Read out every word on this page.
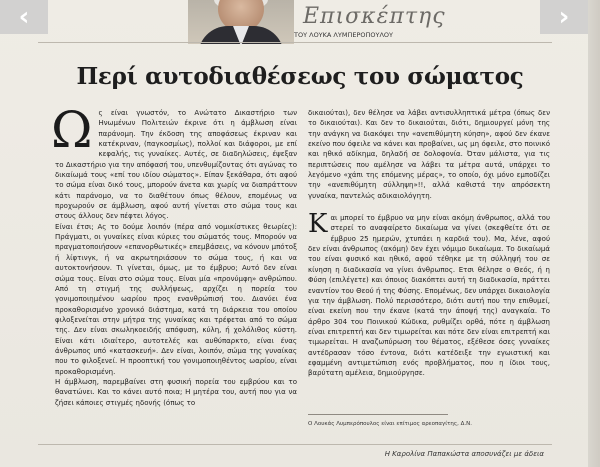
Επισκέπτης
ΤΟΥ ΛΟΥΚΑ ΛΥΜΠΕΡΟΠΟΥΛΟΥ
Περί αυτοδιαθέσεως του σώματος
Ω ς είναι γνωστόν, το Ανώτατο Δικαστήριο των Ηνωμένων Πολιτειών έκρινε ότι η άμβλωση είναι παράνομη. Την έκδοση της αποφάσεως έκριναν και κατέκριναν, (παγκοσμίως), πολλοί και διάφοροι, με επί κεφαλής, τις γυναίκες. Αυτές, σε διαδηλώσεις, έψεξαν το Δικαστήριο για την απόφασή του, υπενθυμίζοντας ότι αγώνας το δικαίωμά τους «επί του ιδίου σώματος». Είπαν ξεκάθαρα, ότι αφού το σώμα είναι δικό τους, μπορούν άνετα και χωρίς να διαπράττουν κάτι παράνομο, να το διαθέτουν όπως θέλουν, επομένως να προχωρούν σε άμβλωση, αφού αυτή γίνεται στο σώμα τους και στους άλλους δεν πέφτει λόγος.

Είναι έτσι; Ας το δούμε λοιπόν (πέρα από νομικίστικες θεωρίες): Πράγματι, οι γυναίκες είναι κύριες του σώματός τους. Μπορούν να πραγματοποιήσουν «επανορθωτικές» επεμβάσεις, να κόνουν μπότοξ ή λίφτινγκ, ή να ακρωτηριάσουν το σώμα τους, ή και να αυτοκτονήσουν. Τι γίνεται, όμως, με το έμβρυο; Αυτό δεν είναι σώμα τους. Είναι στο σώμα τους. Είναι μία «προνύμφη» ανθρώπου. Από τη στιγμή της συλλήψεως, αρχίζει η πορεία του γονιμοποιημένου ωαρίου προς ενανθρώπισή του. Διανύει ένα προκαθορισμένο χρονικό διάστημα, κατά τη διάρκεια του οποίου φιλοξενείται στην μήτρα της γυναίκας και τρέφεται από το σώμα της. Δεν είναι σκωληκοειδής απόφυση, κύλη, ή χολόλιθος κύστη. Είναι κάτι ιδιαίτερο, αυτοτελές και αυθύπαρκτο, είναι ένας άνθρωπος υπό «κατασκευή». Δεν είναι, λοιπόν, σώμα της γυναίκας που το φιλοξενεί. Η προοπτική του γονιμοποιηθέντος ωαρίου, είναι προκαθορισμένη.

Η άμβλωση, παρεμβαίνει στη φυσική πορεία του εμβρύου και το θανατώνει. Και το κάνει αυτό ποια; Η μητέρα του, αυτή που για να ζήσει κάποιες στιγμές ηδονής (όπως το

δικαιούται), δεν θέλησε να λάβει αντισυλληπτικά μέτρα (όπως δεν το δικαιούται). Και δεν το δικαιούται, διότι, δημιουργεί μόνη της την ανάγκη να διακόψει την «ανεπιθύμητη κύηση», αφού δεν έκανε εκείνο που όφειλε να κάνει και προβαίνει, ως μη όφειλε, στο ποινικό και ηθικό αδίκημα, δηλαδή σε δολοφονία. Όταν μάλιστα, για τις περιπτώσεις που αμέλησε να λάβει τα μέτρα αυτά, υπάρχει το λεγόμενο «χάπι της επόμενης μέρας», το οποίο, όχι μόνο εμποδίζει την «ανεπιθύμητη σύλληψη»!!, αλλά καθιστά την απρόσεκτη γυναίκα, παντελώς αδικαιολόγητη.

Κ αι μπορεί το έμβρυο να μην είναι ακόμη άνθρωπος, αλλά του στερεί το αναφαίρετο δικαίωμα να γίνει (σκεφθείτε ότι σε έμβρυο 25 ημερών, χτυπάει η καρδιά του). Μα, λένε, αφού δεν είναι άνθρωπος (ακόμη) δεν έχει νόμιμο δικαίωμα. Το δικαίωμά του είναι φυσικό και ηθικό, αφού τέθηκε με τη σύλληψή του σε κίνηση η διαδικασία να γίνει άνθρωπος. Ετσι θέλησε ο Θεός, ή η Φύση (επιλέγετε) και όποιος διακόπτει αυτή τη διαδικασία, πράττει εναντίον του Θεού ή της Φύσης. Επομένως, δεν υπάρχει δικαιολογία για την άμβλωση. Πολύ περισσότερο, διότι αυτή που την επιθυμεί, είναι εκείνη που την έκανε (κατά την άποψή της) αναγκαία. Το άρθρο 304 του Ποινικού Κώδικα, ρυθμίζει ορθά, πότε η άμβλωση είναι επιτρεπτή και δεν τιμωρείται και πότε δεν είναι επιτρεπτή και τιμωρείται. Η αναζωπύρωση του θέματος, εξέθεσε όσες γυναίκες αντέδρασαν τόσο έντονα, διότι κατέδειξε την εγωιστική και εφαμμένη αντιμετώπιση ενός προβλήματος, που η ίδιοι τους, βαρύτατη αμέλεια, δημιούργησε.

Ο Λουκάς Λυμπερόπουλος είναι επίτιμος αρεοπαγίτης, Δ.Ν.
Η Καρολίνα Παπακώστα αποσυνάζει με άδεια
‹	›
